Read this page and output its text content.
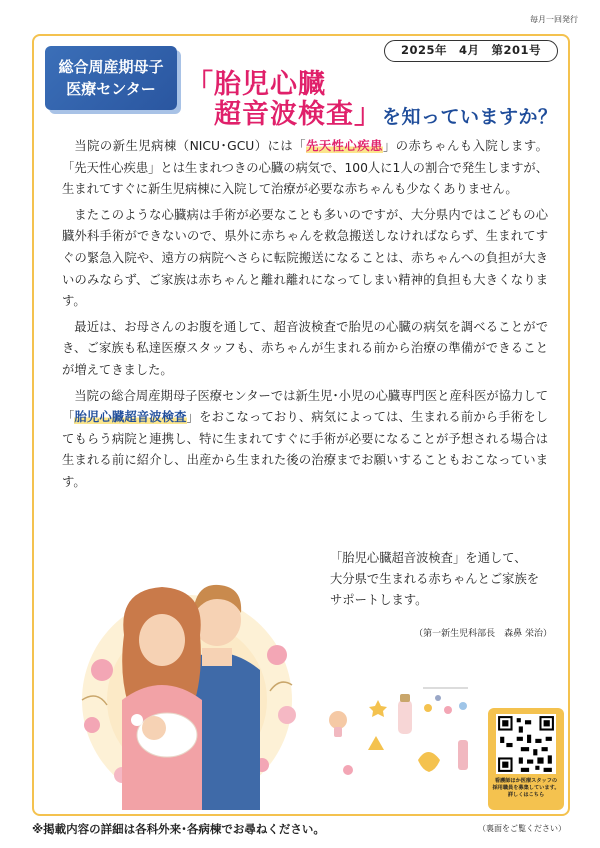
毎月一回発行
総合周産期母子
医療センター
2025年　4月　第201号
「胎児心臓
超音波検査」を知っていますか？

当院の新生児病棟（NICU･GCU）には「先天性心疾患」の赤ちゃんも入院します。「先天性心疾患」とは生まれつきの心臓の病気で、100人に1人の割合で発生しますが、生まれてすぐに新生児病棟に入院して治療が必要な赤ちゃんも少なくありません。

またこのような心臓病は手術が必要なことも多いのですが、大分県内ではこどもの心臓外科手術ができないので、県外に赤ちゃんを救急搬送しなければならず、生まれてすぐの緊急入院や、遠方の病院へさらに転院搬送になることは、赤ちゃんへの負担が大きいのみならず、ご家族は赤ちゃんと離れ離れになってしまい精神的負担も大きくなります。

最近は、お母さんのお腹を通して、超音波検査で胎児の心臓の病気を調べることができ、ご家族も私達医療スタッフも、赤ちゃんが生まれる前から治療の準備ができることが増えてきました。

当院の総合周産期母子医療センターでは新生児･小児の心臓専門医と産科医が協力して「胎児心臓超音波検査」をおこなっており、病気によっては、生まれる前から手術をしてもらう病院と連携し、特に生まれてすぐに手術が必要になることが予想される場合は生まれる前に紹介し、出産から生まれた後の治療までお願いすることもおこなっています。

「胎児心臓超音波検査」を通して、
大分県で生まれる赤ちゃんとご家族を
サポートします。
（第一新生児科部長　森鼻 栄治）
看護師ほか医療スタッフの
採用職員を募集しています。
詳しくはこちら
※掲載内容の詳細は各科外来･各病棟でお尋ねください。	（裏面をご覧ください）
